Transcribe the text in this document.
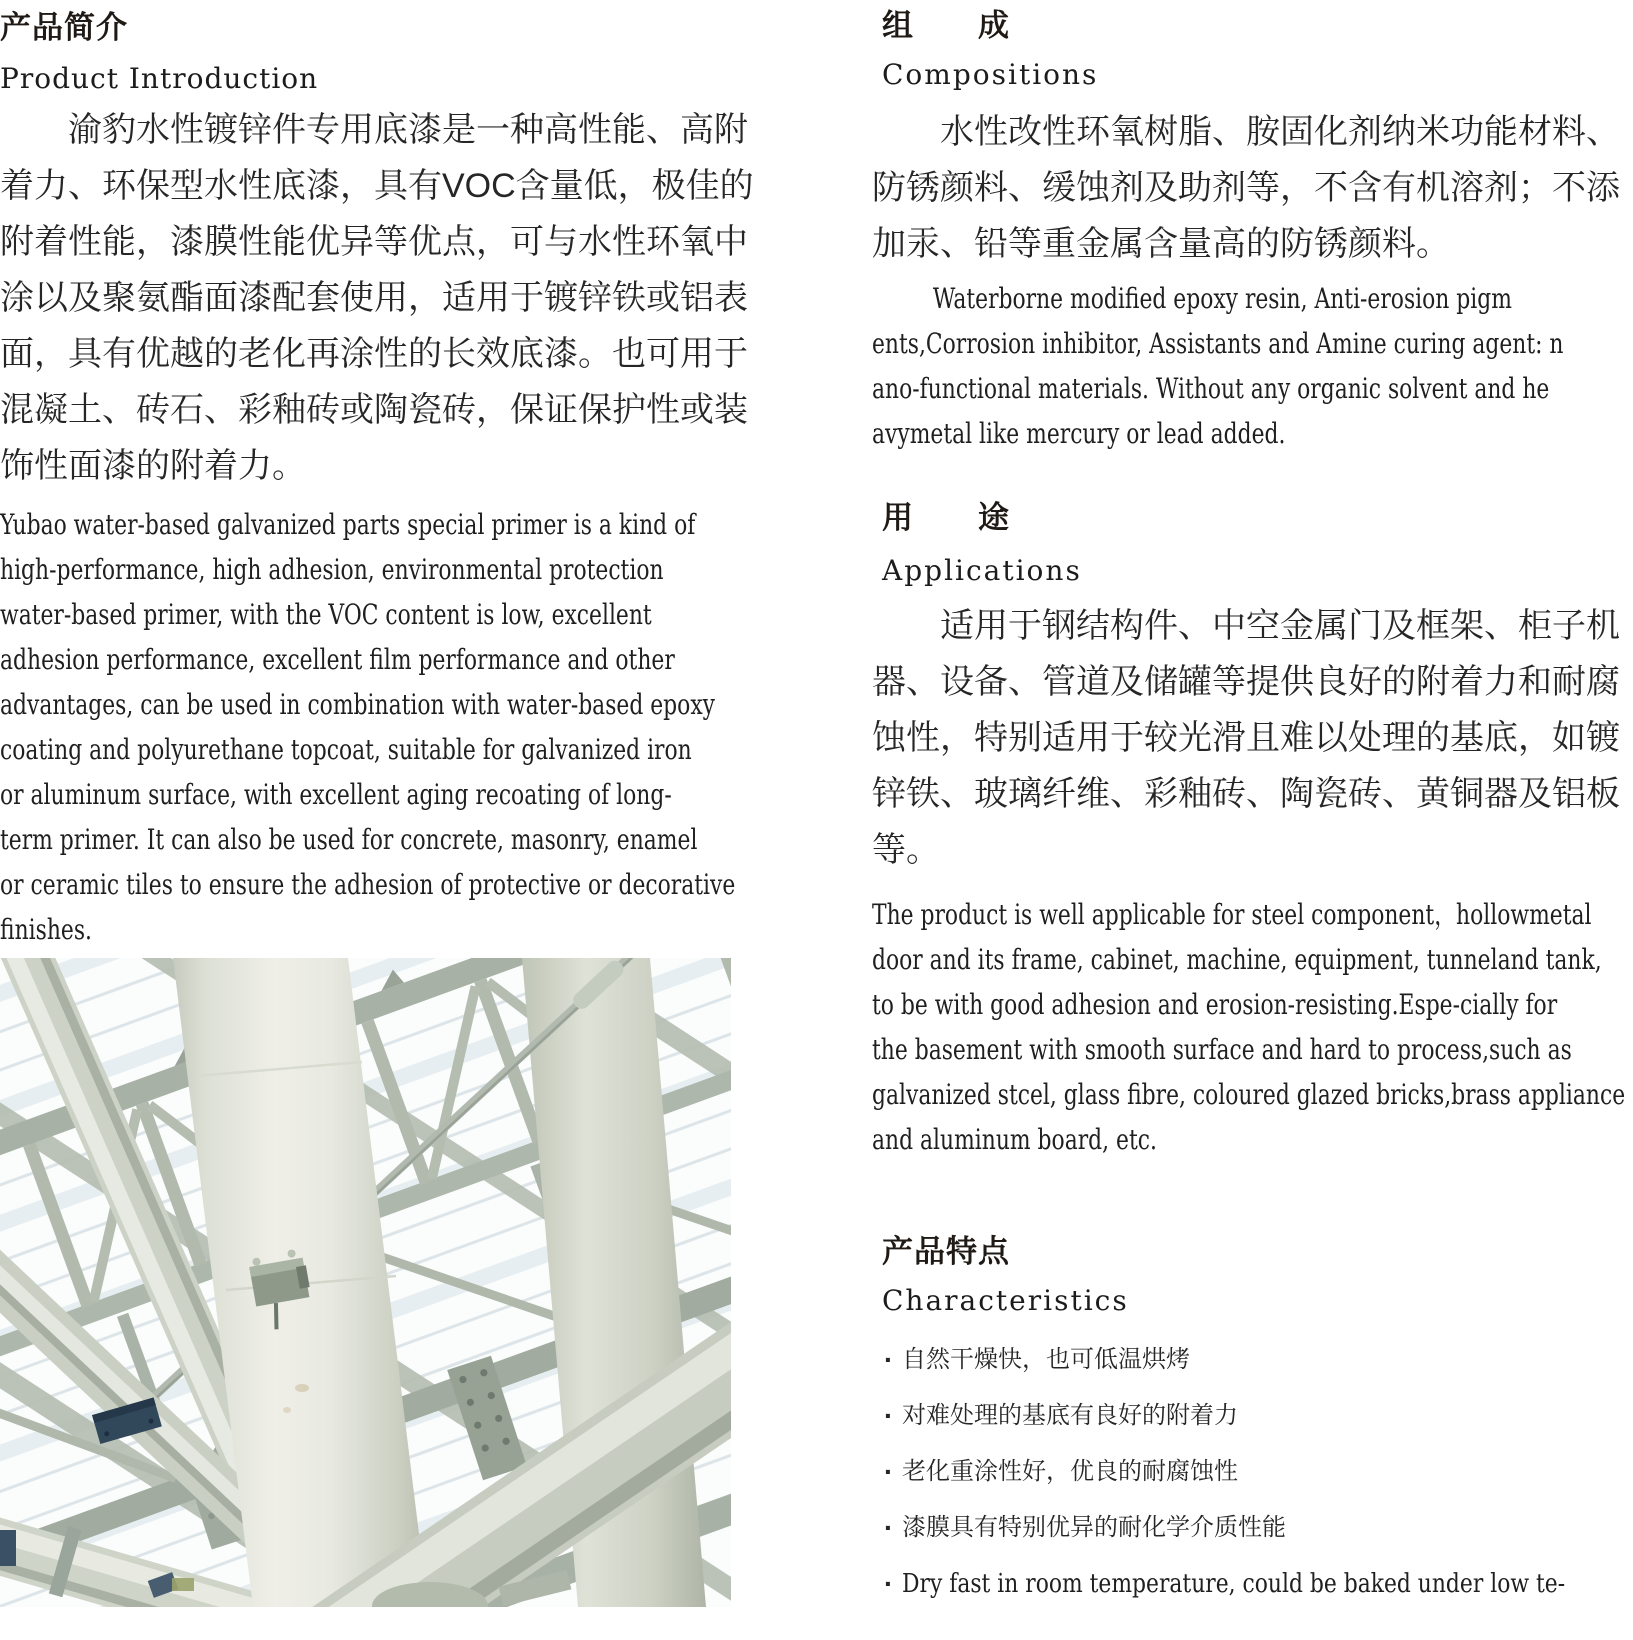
产品简介
Product Introduction
渝豹水性镀锌件专用底漆是一种高性能、高附
着力、环保型水性底漆，具有VOC含量低，极佳的
附着性能，漆膜性能优异等优点，可与水性环氧中
涂以及聚氨酯面漆配套使用，适用于镀锌铁或铝表
面，具有优越的老化再涂性的长效底漆。也可用于
混凝土、砖石、彩釉砖或陶瓷砖，保证保护性或装
饰性面漆的附着力。
Yubao water-based galvanized parts special primer is a kind of
high-performance, high adhesion, environmental protection
water-based primer, with the VOC content is low, excellent
adhesion performance, excellent film performance and other
advantages, can be used in combination with water-based epoxy
coating and polyurethane topcoat, suitable for galvanized iron
or aluminum surface, with excellent aging recoating of long-
term primer. It can also be used for concrete, masonry, enamel
or ceramic tiles to ensure the adhesion of protective or decorative
finishes.
组　　成
Compositions
水性改性环氧树脂、胺固化剂纳米功能材料、
防锈颜料、缓蚀剂及助剂等，不含有机溶剂；不添
加汞、铅等重金属含量高的防锈颜料。
Waterborne modified epoxy resin, Anti-erosion pigm
ents,Corrosion inhibitor, Assistants and Amine curing agent: n
ano-functional materials. Without any organic solvent and he
avymetal like mercury or lead added.
用　　途
Applications
适用于钢结构件、中空金属门及框架、柜子机
器、设备、管道及储罐等提供良好的附着力和耐腐
蚀性，特别适用于较光滑且难以处理的基底，如镀
锌铁、玻璃纤维、彩釉砖、陶瓷砖、黄铜器及铝板
等。
The product is well applicable for steel component，hollowmetal
door and its frame, cabinet, machine, equipment, tunneland tank,
to be with good adhesion and erosion-resisting.Espe-cially for
the basement with smooth surface and hard to process,such as
galvanized stcel, glass fibre, coloured glazed bricks,brass appliance
and aluminum board, etc.
产品特点
Characteristics
· 自然干燥快，也可低温烘烤
· 对难处理的基底有良好的附着力
· 老化重涂性好，优良的耐腐蚀性
· 漆膜具有特别优异的耐化学介质性能
· Dry fast in room temperature, could be baked under low te-
